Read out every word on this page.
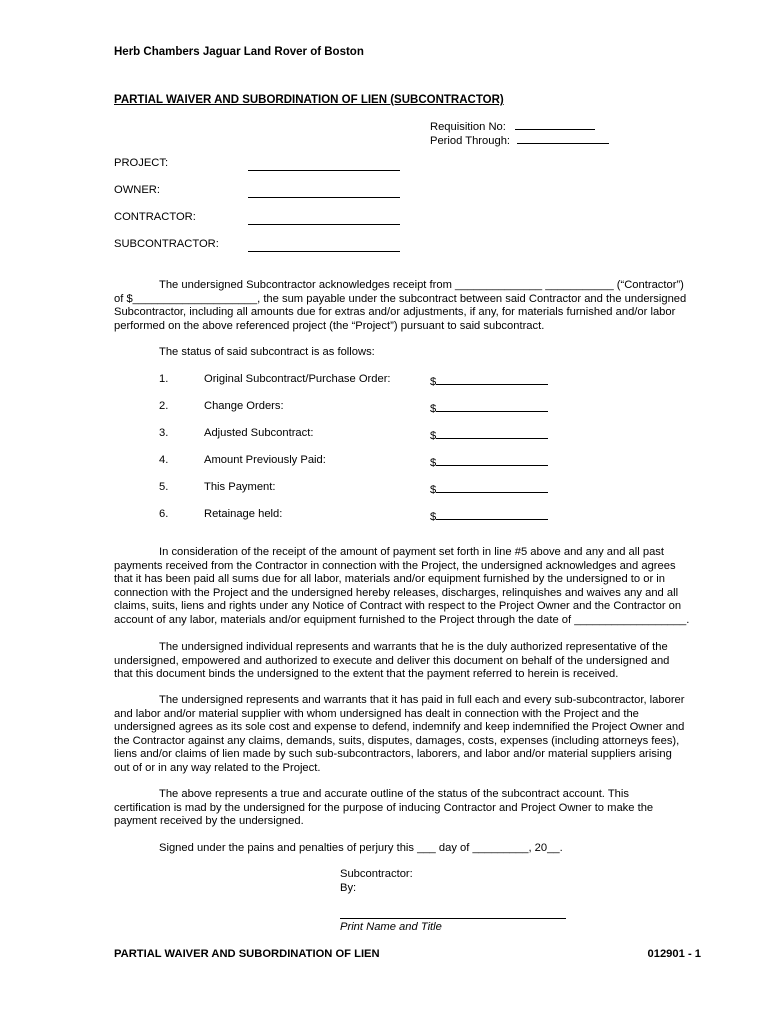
Herb Chambers Jaguar Land Rover of Boston
PARTIAL WAIVER AND SUBORDINATION OF LIEN (SUBCONTRACTOR)
Requisition No:
Period Through:
PROJECT:
OWNER:
CONTRACTOR:
SUBCONTRACTOR:
The undersigned Subcontractor acknowledges receipt from ______________ ___________ (“Contractor”)
of $____________________, the sum payable under the subcontract between said Contractor and the undersigned
Subcontractor, including all amounts due for extras and/or adjustments, if any, for materials furnished and/or labor
performed on the above referenced project (the “Project”) pursuant to said subcontract.
The status of said subcontract is as follows:
1.	Original Subcontract/Purchase Order:	$
2.	Change Orders:	$
3.	Adjusted Subcontract:	$
4.	Amount Previously Paid:	$
5.	This Payment:	$
6.	Retainage held:	$
In consideration of the receipt of the amount of payment set forth in line #5 above and any and all past
payments received from the Contractor in connection with the Project, the undersigned acknowledges and agrees
that it has been paid all sums due for all labor, materials and/or equipment furnished by the undersigned to or in
connection with the Project and the undersigned hereby releases, discharges, relinquishes and waives any and all
claims, suits, liens and rights under any Notice of Contract with respect to the Project Owner and the Contractor on
account of any labor, materials and/or equipment furnished to the Project through the date of __________________.
The undersigned individual represents and warrants that he is the duly authorized representative of the
undersigned, empowered and authorized to execute and deliver this document on behalf of the undersigned and
that this document binds the undersigned to the extent that the payment referred to herein is received.
The undersigned represents and warrants that it has paid in full each and every sub-subcontractor, laborer
and labor and/or material supplier with whom undersigned has dealt in connection with the Project and the
undersigned agrees as its sole cost and expense to defend, indemnify and keep indemnified the Project Owner and
the Contractor against any claims, demands, suits, disputes, damages, costs, expenses (including attorneys fees),
liens and/or claims of lien made by such sub-subcontractors, laborers, and labor and/or material suppliers arising
out of or in any way related to the Project.
The above represents a true and accurate outline of the status of the subcontract account. This
certification is mad by the undersigned for the purpose of inducing Contractor and Project Owner to make the
payment received by the undersigned.
Signed under the pains and penalties of perjury this ___ day of _________, 20__.
Subcontractor:
By:
Print Name and Title
PARTIAL WAIVER AND SUBORDINATION OF LIEN	012901 - 1
